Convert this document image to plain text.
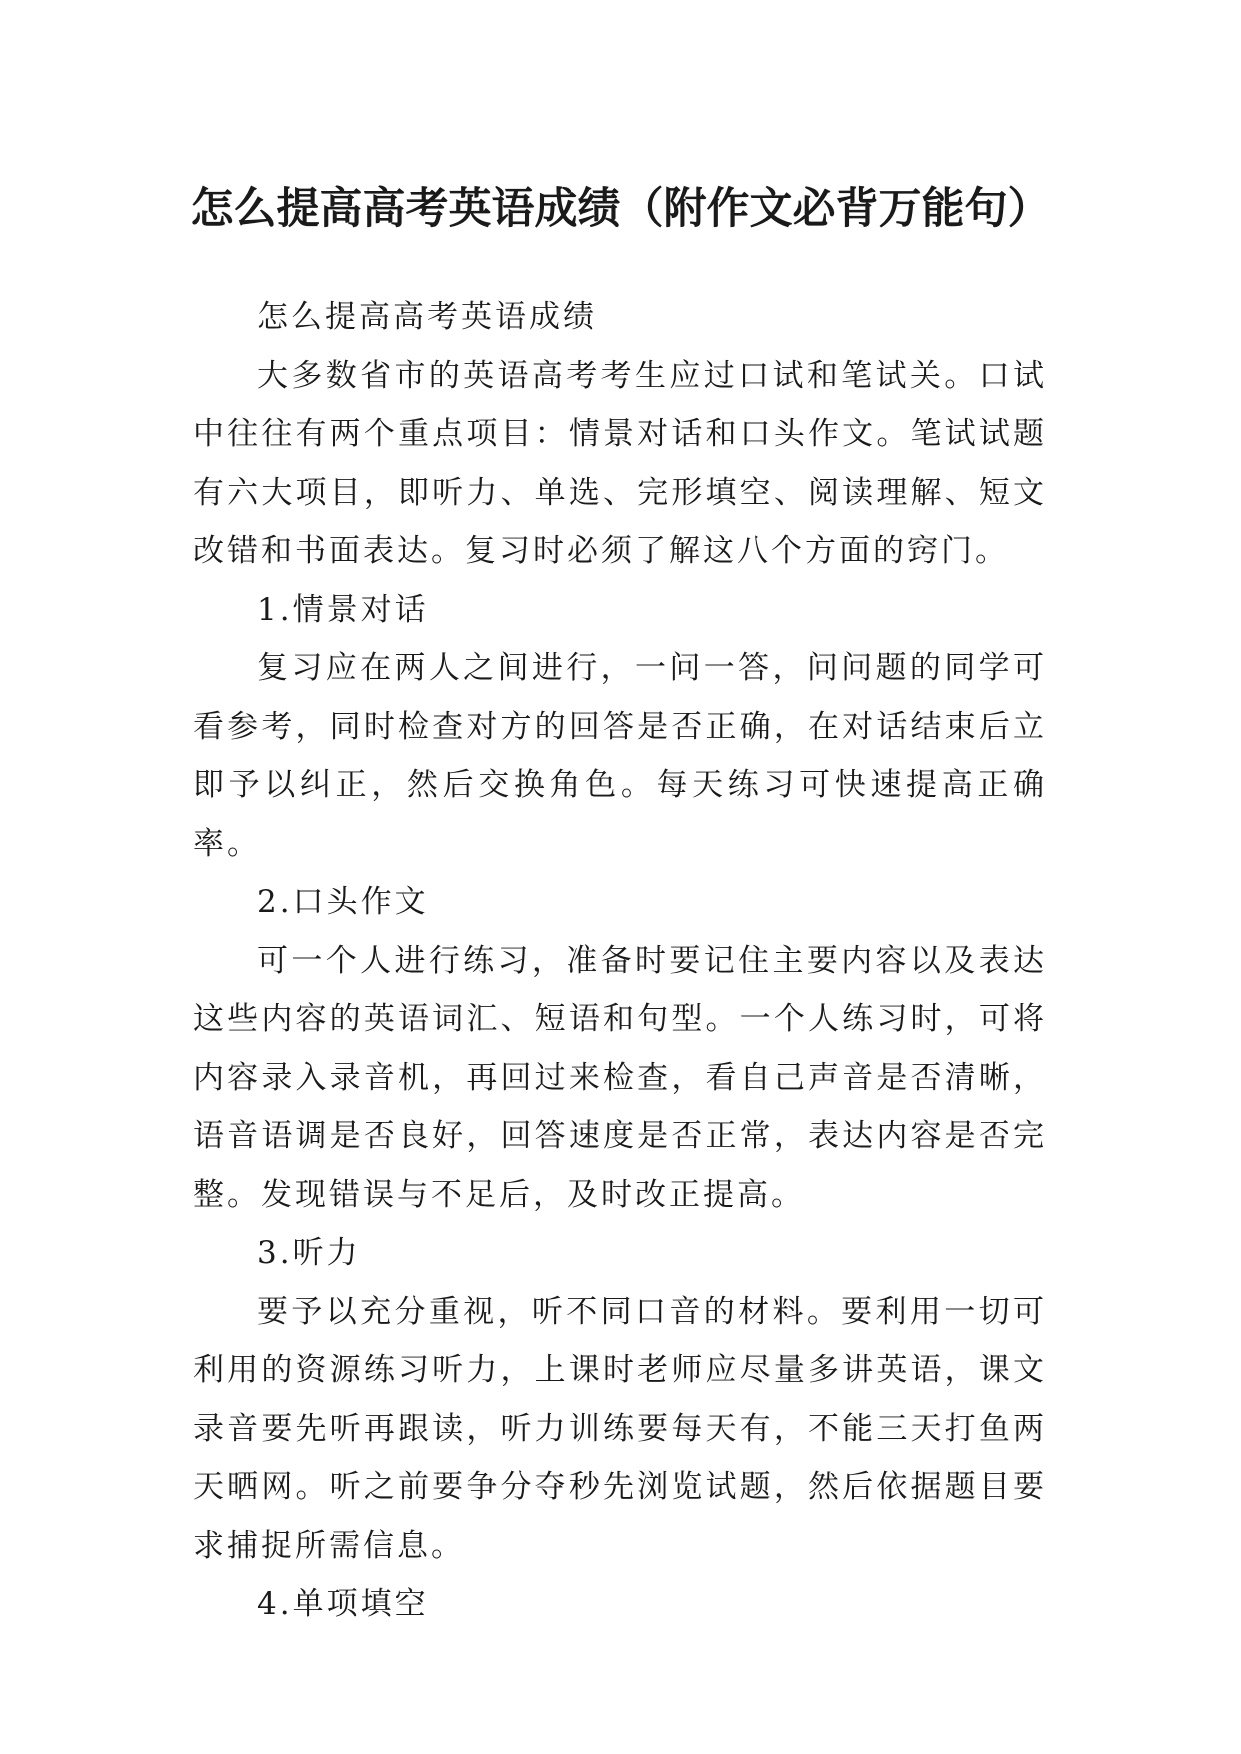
怎么提高高考英语成绩（附作文必背万能句）

怎么提高高考英语成绩

大多数省市的英语高考考生应过口试和笔试关。口试中往往有两个重点项目：情景对话和口头作文。笔试试题有六大项目，即听力、单选、完形填空、阅读理解、短文改错和书面表达。复习时必须了解这八个方面的窍门。

1.情景对话

复习应在两人之间进行，一问一答，问问题的同学可看参考，同时检查对方的回答是否正确，在对话结束后立即予以纠正，然后交换角色。每天练习可快速提高正确率。

2.口头作文

可一个人进行练习，准备时要记住主要内容以及表达这些内容的英语词汇、短语和句型。一个人练习时，可将内容录入录音机，再回过来检查，看自己声音是否清晰，语音语调是否良好，回答速度是否正常，表达内容是否完整。发现错误与不足后，及时改正提高。

3.听力

要予以充分重视，听不同口音的材料。要利用一切可利用的资源练习听力，上课时老师应尽量多讲英语，课文录音要先听再跟读，听力训练要每天有，不能三天打鱼两天晒网。听之前要争分夺秒先浏览试题，然后依据题目要求捕捉所需信息。

4.单项填空
